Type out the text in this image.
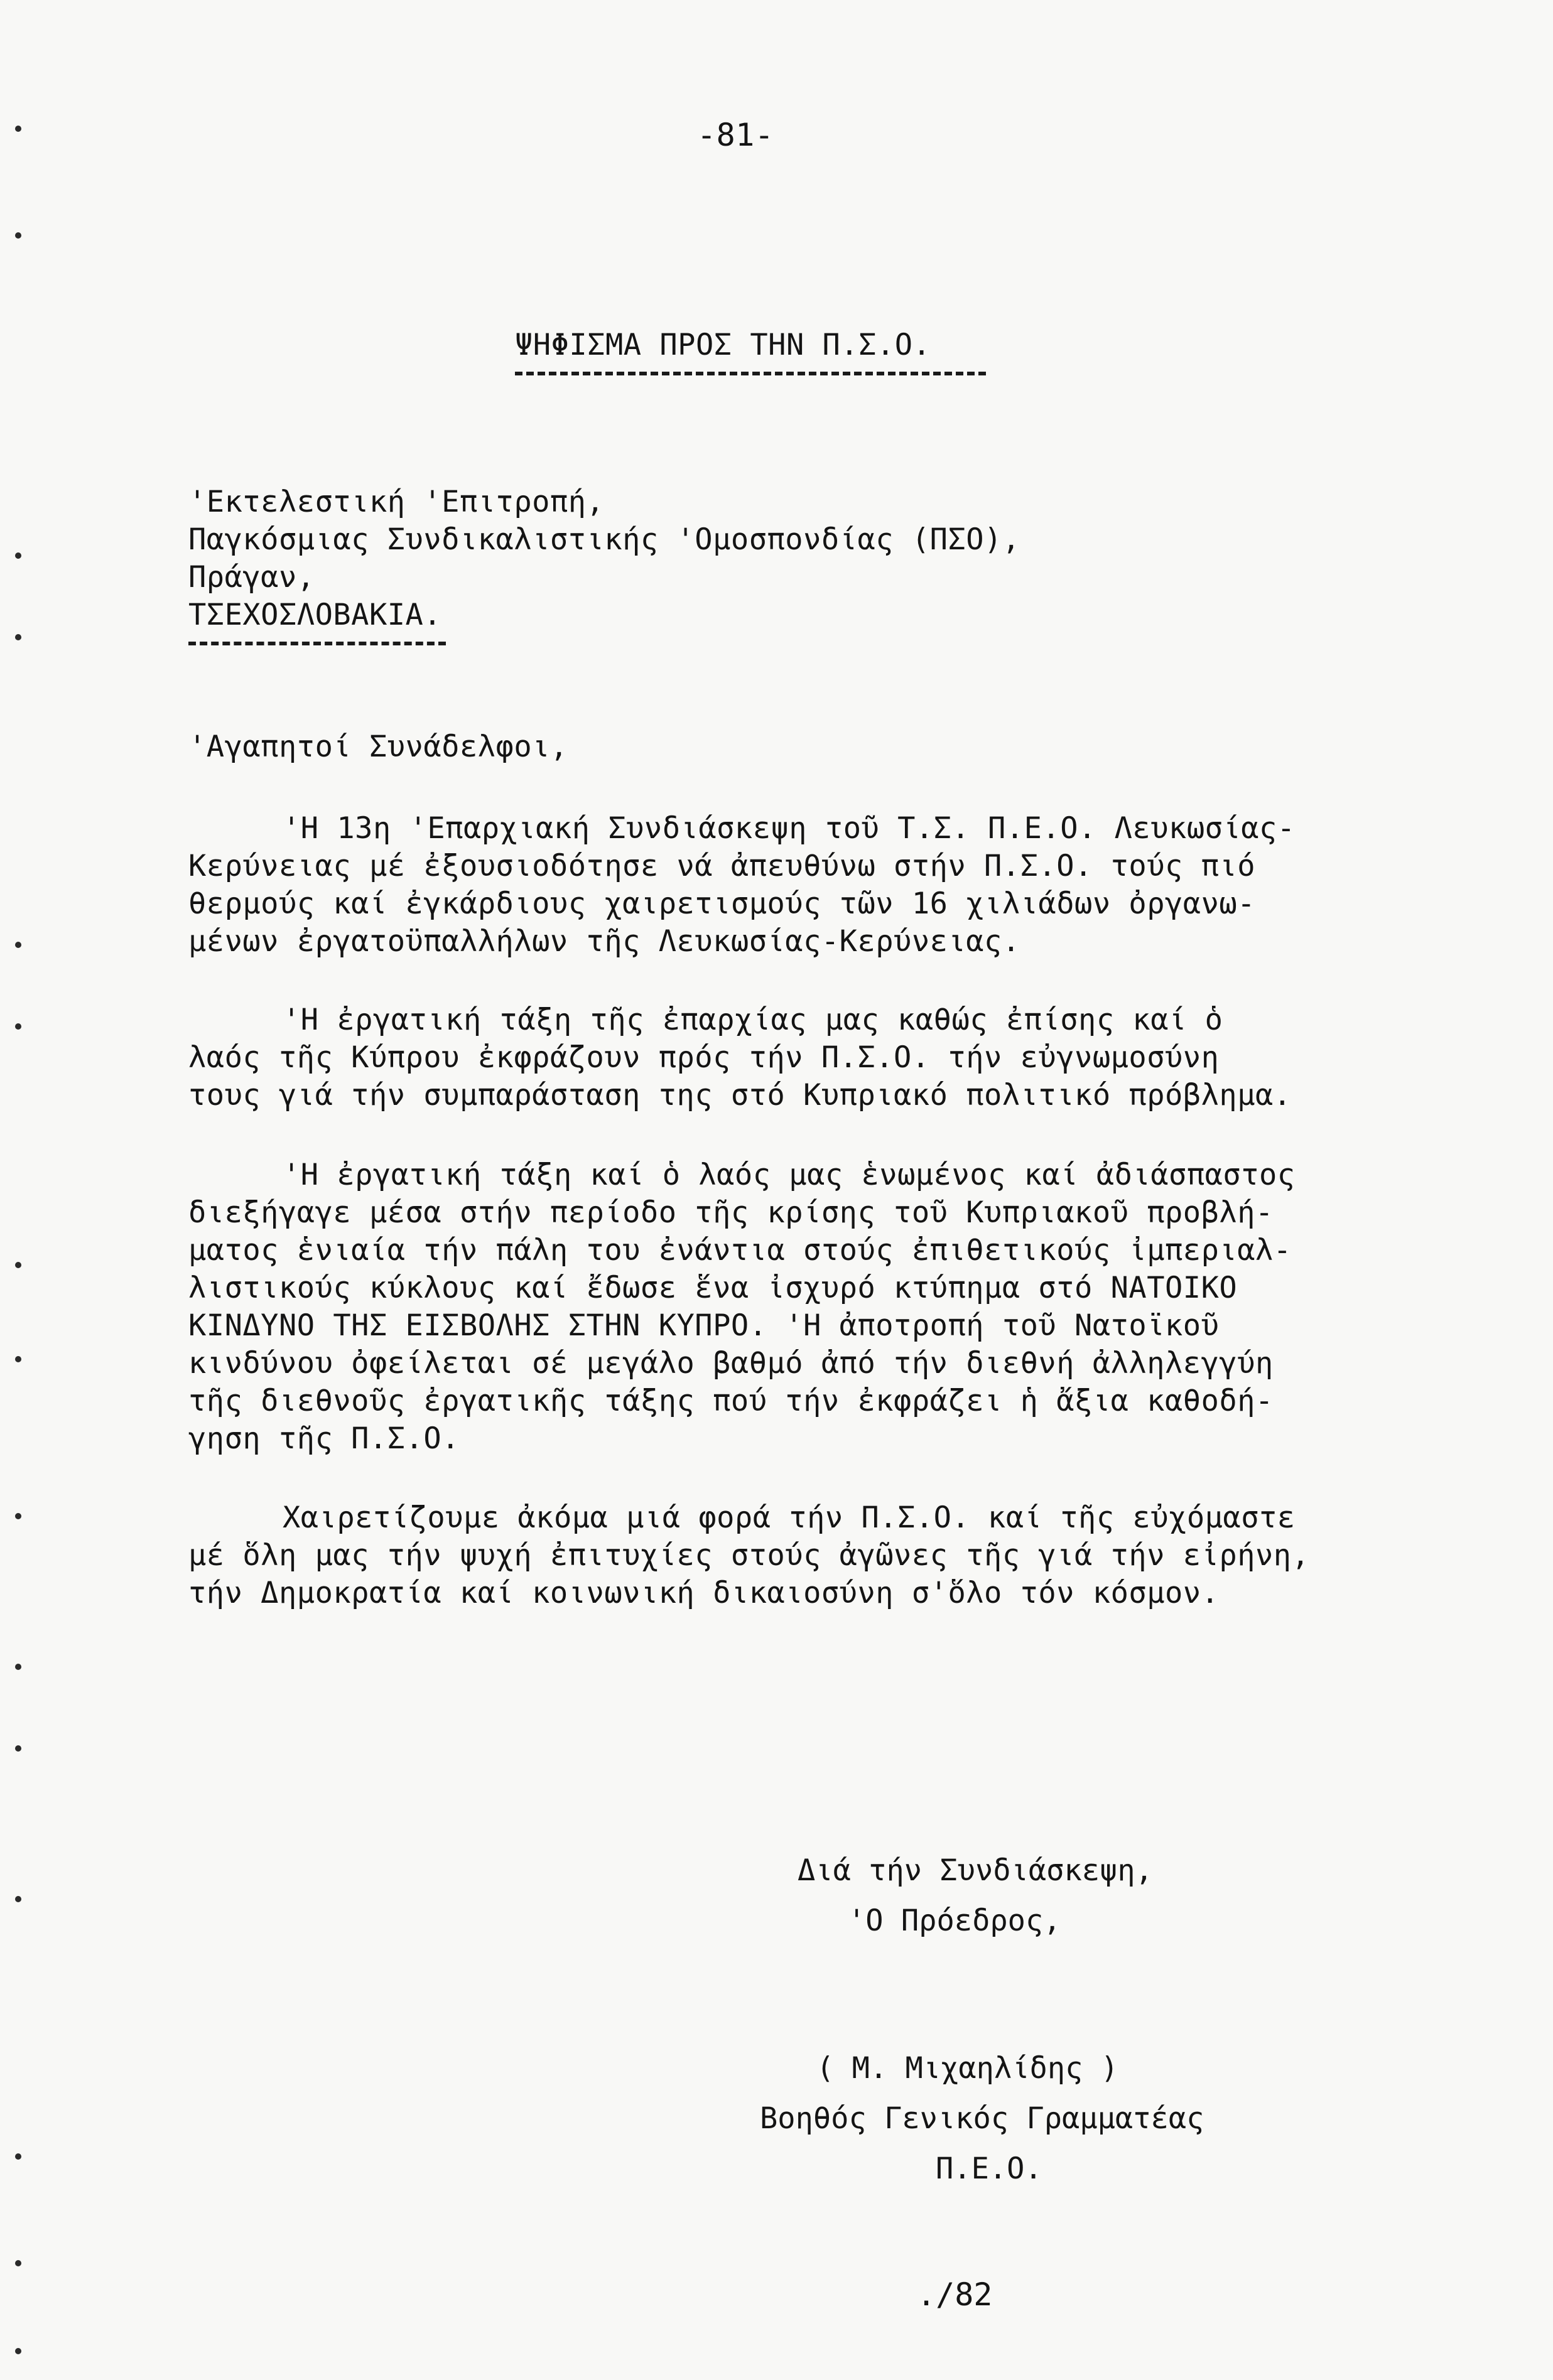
-81-
ΨΗΦΙΣΜΑ ΠΡΟΣ ΤΗΝ Π.Σ.Ο.
'Εκτελεστική 'Επιτροπή,
Παγκόσμιας Συνδικαλιστικής 'Ομοσπονδίας (ΠΣΟ),
Πράγαν,
ΤΣΕΧΟΣΛΟΒΑΚΙΑ.
'Αγαπητοί Συνάδελφοι,
'Η 13η 'Επαρχιακή Συνδιάσκεψη τοῦ Τ.Σ. Π.Ε.Ο. Λευκωσίας-
Κερύνειας μέ ἐξουσιοδότησε νά ἀπευθύνω στήν Π.Σ.Ο. τούς πιό
θερμούς καί ἐγκάρδιους χαιρετισμούς τῶν 16 χιλιάδων ὀργανω-
μένων ἐργατοϋπαλλήλων τῆς Λευκωσίας-Κερύνειας.
'Η ἐργατική τάξη τῆς ἐπαρχίας μας καθώς ἐπίσης καί ὁ
λαός τῆς Κύπρου ἐκφράζουν πρός τήν Π.Σ.Ο. τήν εὐγνωμοσύνη
τους γιά τήν συμπαράσταση της στό Κυπριακό πολιτικό πρόβλημα.
'Η ἐργατική τάξη καί ὁ λαός μας ἑνωμένος καί ἀδιάσπαστος
διεξήγαγε μέσα στήν περίοδο τῆς κρίσης τοῦ Κυπριακοῦ προβλή-
ματος ἑνιαία τήν πάλη του ἐνάντια στούς ἐπιθετικούς ἰμπεριαλ-
λιστικούς κύκλους καί ἔδωσε ἕνα ἰσχυρό κτύπημα στό ΝΑΤΟΙΚΟ
ΚΙΝΔΥΝΟ ΤΗΣ ΕΙΣΒΟΛΗΣ ΣΤΗΝ ΚΥΠΡΟ. 'Η ἀποτροπή τοῦ Νατοϊκοῦ
κινδύνου ὀφείλεται σέ μεγάλο βαθμό ἀπό τήν διεθνή ἀλληλεγγύη
τῆς διεθνοῦς ἐργατικῆς τάξης πού τήν ἐκφράζει ἡ ἄξια καθοδή-
γηση τῆς Π.Σ.Ο.
Χαιρετίζουμε ἀκόμα μιά φορά τήν Π.Σ.Ο. καί τῆς εὐχόμαστε
μέ ὅλη μας τήν ψυχή ἐπιτυχίες στούς ἀγῶνες τῆς γιά τήν εἰρήνη,
τήν Δημοκρατία καί κοινωνική δικαιοσύνη σ'ὅλο τόν κόσμον.
Διά τήν Συνδιάσκεψη,
'Ο Πρόεδρος,
( Μ. Μιχαηλίδης )
Βοηθός Γενικός Γραμματέας
Π.Ε.Ο.
./82
